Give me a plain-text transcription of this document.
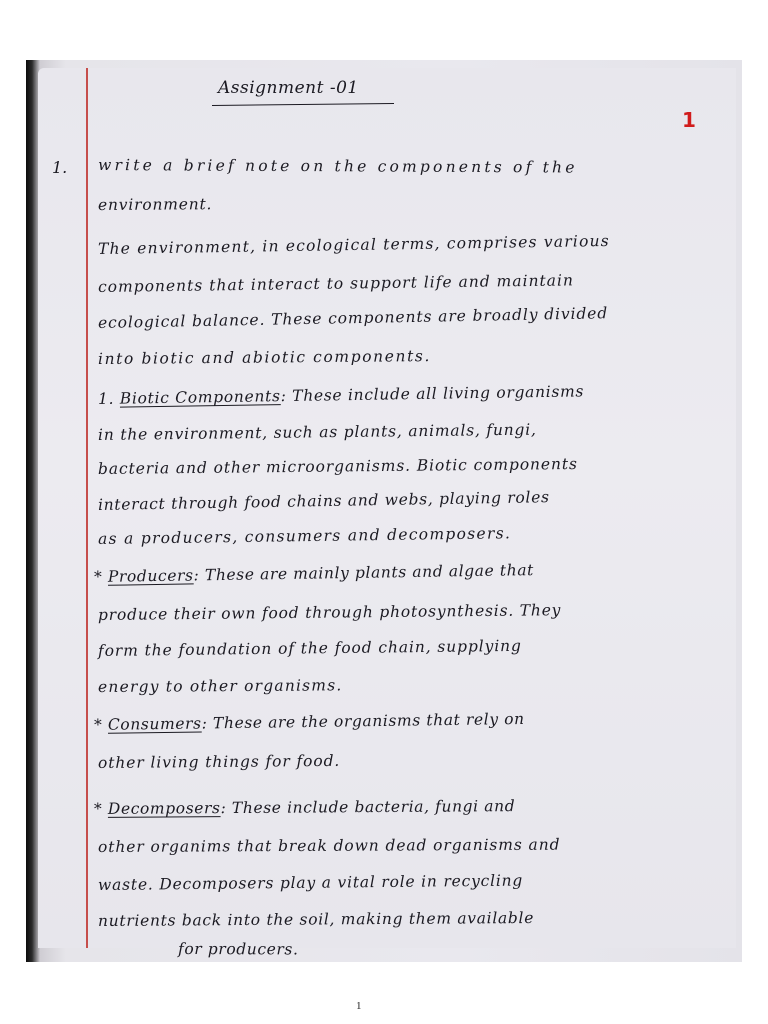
Assignment -01
1
1. write a brief note on the components of the
environment.
The environment, in ecological terms, comprises various
components that interact to support life and maintain
ecological balance. These components are broadly divided
into biotic and abiotic components.
1. Biotic Components: These include all living organisms
in the environment, such as plants, animals, fungi,
bacteria and other microorganisms. Biotic components
interact through food chains and webs, playing roles
as a producers, consumers and decomposers.
* Producers: These are mainly plants and algae that
produce their own food through photosynthesis. They
form the foundation of the food chain, supplying
energy to other organisms.
* Consumers: These are the organisms that rely on
other living things for food.
* Decomposers: These include bacteria, fungi and
other organims that break down dead organisms and
waste. Decomposers play a vital role in recycling
nutrients back into the soil, making them available
for producers.
1
